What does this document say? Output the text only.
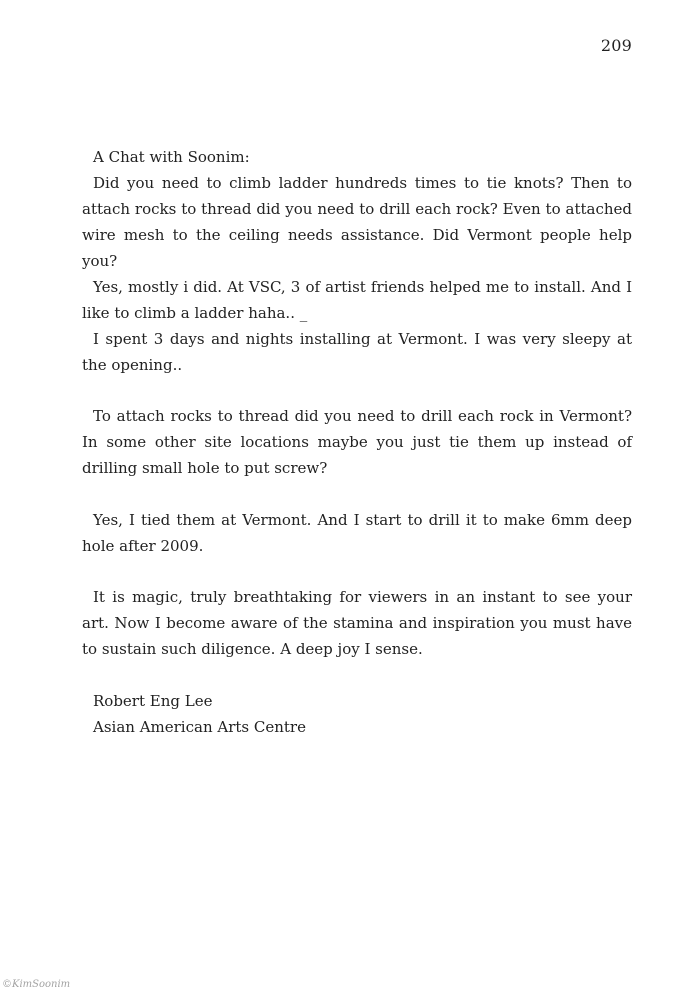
209

A Chat with Soonim:

Did you need to climb ladder hundreds times to tie knots? Then to attach rocks to thread did you need to drill each rock? Even to attached wire mesh to the ceiling needs assistance. Did Vermont people help you?

Yes, mostly i did. At VSC, 3 of artist friends helped me to install. And I like to climb a ladder haha.. _

I spent 3 days and nights installing at Vermont. I was very sleepy at the opening..

To attach rocks to thread did you need to drill each rock in Vermont? In some other site locations maybe you just tie them up instead of drilling small hole to put screw?

Yes, I tied them at Vermont. And I start to drill it to make 6mm deep hole after 2009.

It is magic, truly breathtaking for viewers in an instant to see your art. Now I become aware of the stamina and inspiration you must have to sustain such diligence. A deep joy I sense.

Robert Eng Lee

Asian American Arts Centre

©KimSoonim
